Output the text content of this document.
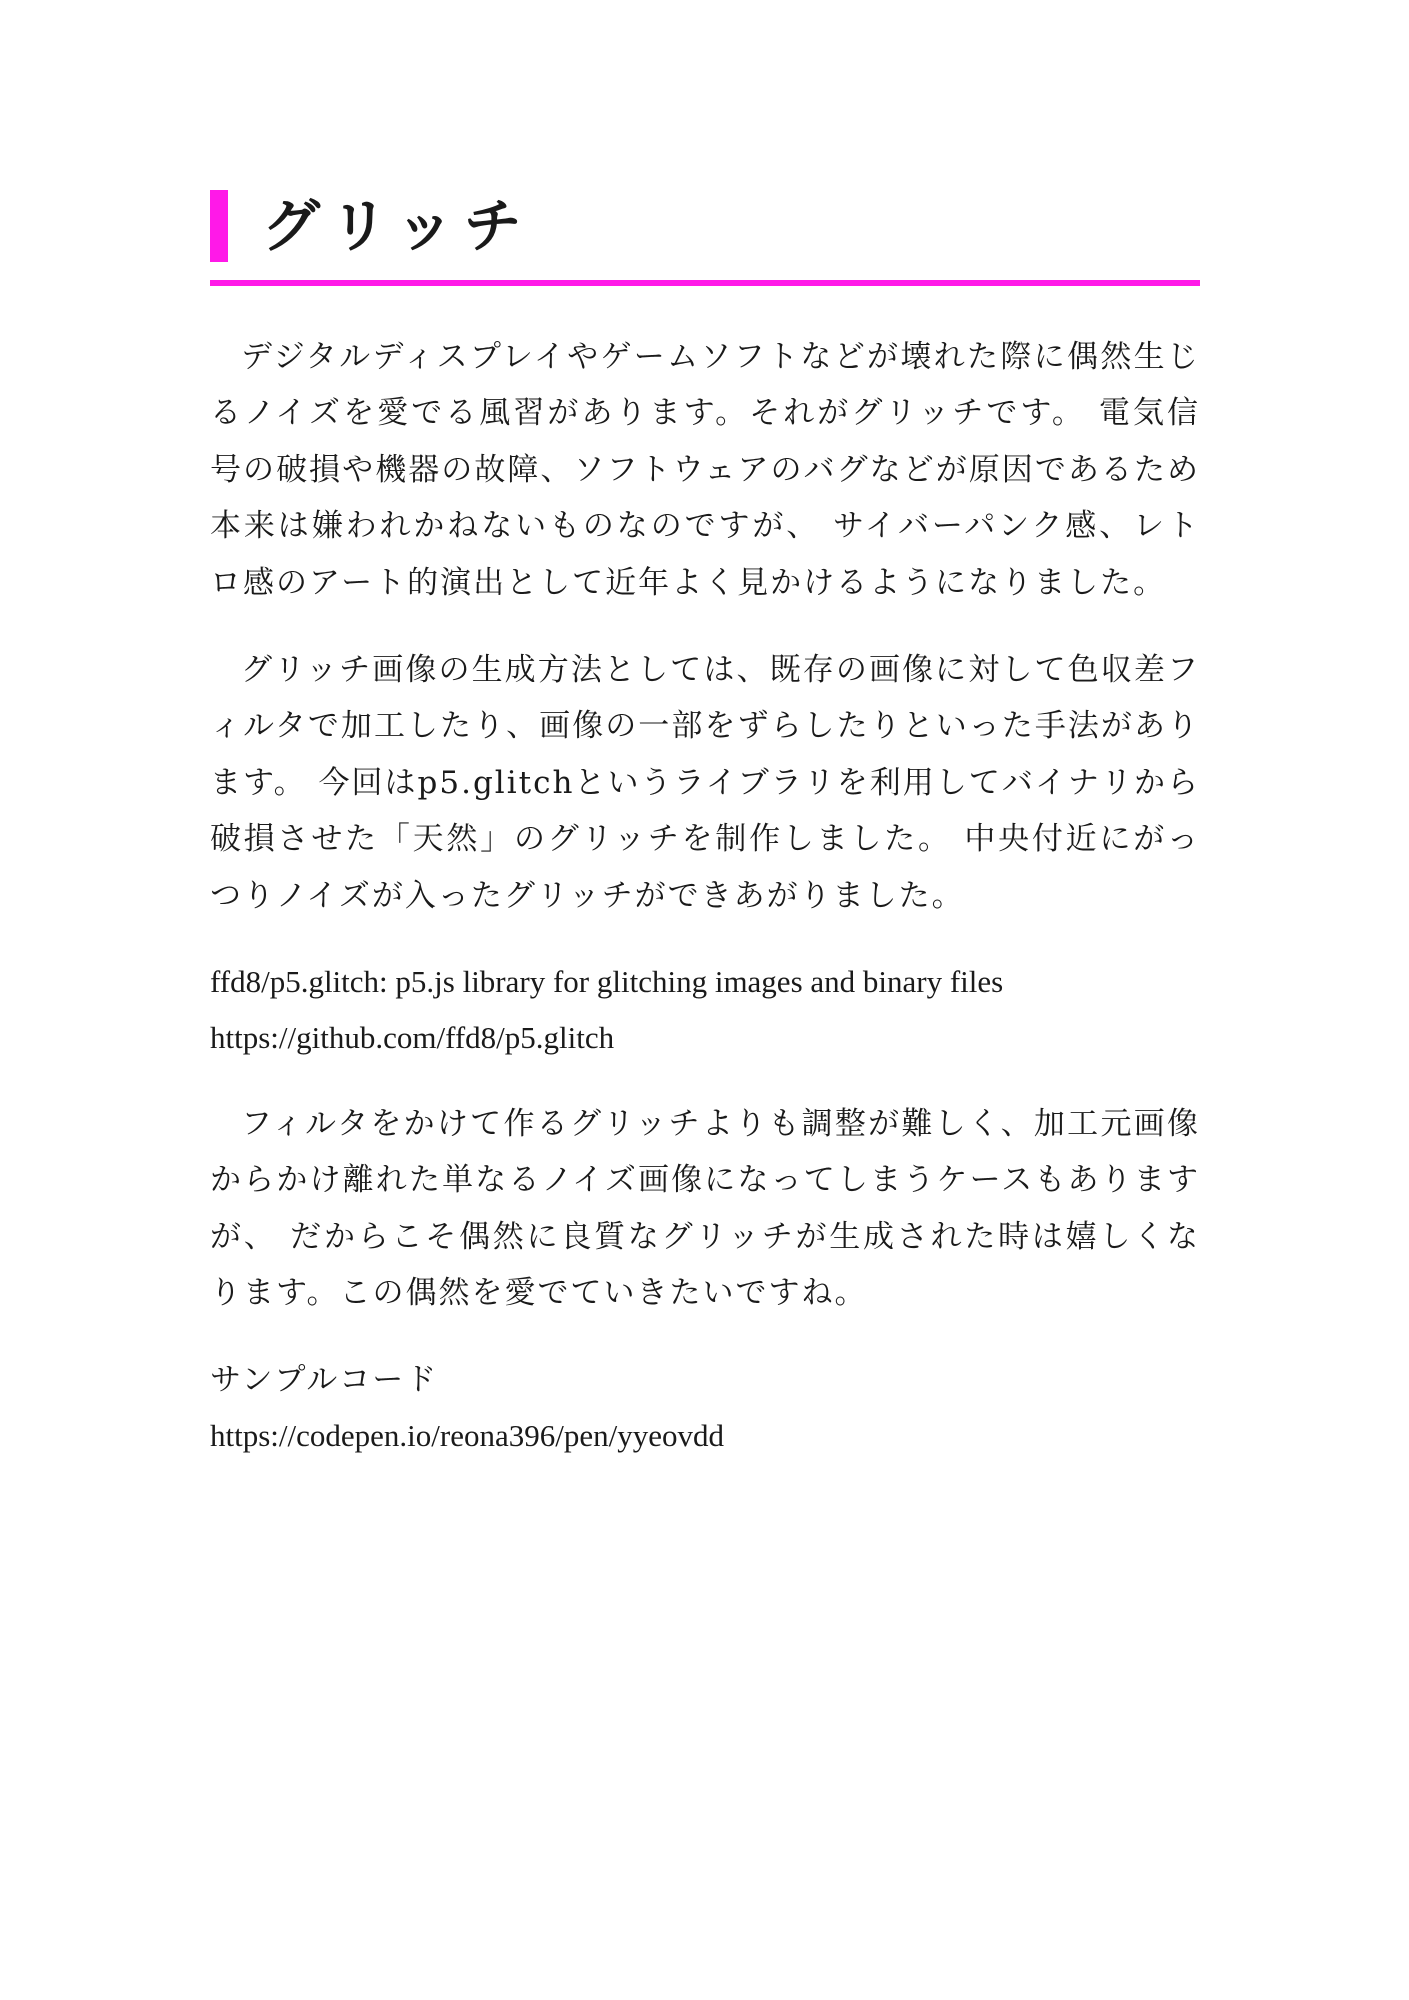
グリッチ

デジタルディスプレイやゲームソフトなどが壊れた際に偶然生じるノイズを愛でる風習があります。それがグリッチです。 電気信号の破損や機器の故障、ソフトウェアのバグなどが原因であるため本来は嫌われかねないものなのですが、 サイバーパンク感、レトロ感のアート的演出として近年よく見かけるようになりました。

グリッチ画像の生成方法としては、既存の画像に対して色収差フィルタで加工したり、画像の一部をずらしたりといった手法があります。 今回はp5.glitchというライブラリを利用してバイナリから破損させた「天然」のグリッチを制作しました。 中央付近にがっつりノイズが入ったグリッチができあがりました。

ffd8/p5.glitch: p5.js library for glitching images and binary files

https://github.com/ffd8/p5.glitch

フィルタをかけて作るグリッチよりも調整が難しく、加工元画像からかけ離れた単なるノイズ画像になってしまうケースもありますが、 だからこそ偶然に良質なグリッチが生成された時は嬉しくなります。この偶然を愛でていきたいですね。

サンプルコード

https://codepen.io/reona396/pen/yyeovdd
